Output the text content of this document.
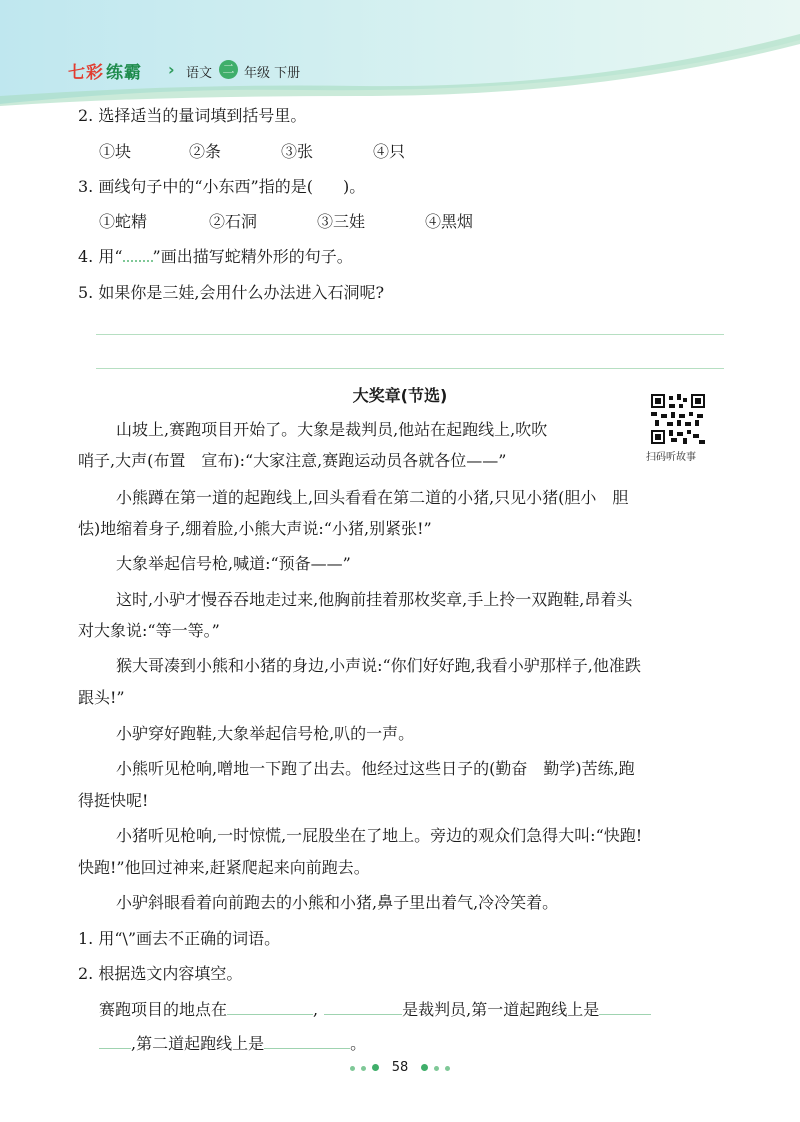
七彩 练霸 › 语文 二 年级 下册
2. 选择适当的量词填到括号里。
①块	②条	③张	④只
3. 画线句子中的“小东西”指的是( )。
①蛇精	②石洞	③三娃	④黑烟
4. 用“ ”画出描写蛇精外形的句子。
5. 如果你是三娃,会用什么办法进入石洞呢?
大奖章(节选)
扫码听故事
山坡上,赛跑项目开始了。大象是裁判员,他站在起跑线上,吹吹
哨子,大声(布置　宣布):“大家注意,赛跑运动员各就各位——”
小熊蹲在第一道的起跑线上,回头看看在第二道的小猪,只见小猪(胆小　胆
怯)地缩着身子,绷着脸,小熊大声说:“小猪,别紧张!”
大象举起信号枪,喊道:“预备——”
这时,小驴才慢吞吞地走过来,他胸前挂着那枚奖章,手上拎一双跑鞋,昂着头
对大象说:“等一等。”
猴大哥凑到小熊和小猪的身边,小声说:“你们好好跑,我看小驴那样子,他准跌
跟头!”
小驴穿好跑鞋,大象举起信号枪,叭的一声。
小熊听见枪响,噌地一下跑了出去。他经过这些日子的(勤奋　勤学)苦练,跑
得挺快呢!
小猪听见枪响,一时惊慌,一屁股坐在了地上。旁边的观众们急得大叫:“快跑!
快跑!”他回过神来,赶紧爬起来向前跑去。
小驴斜眼看着向前跑去的小熊和小猪,鼻子里出着气,冷冷笑着。
1. 用“\”画去不正确的词语。
2. 根据选文内容填空。
赛跑项目的地点在	,	是裁判员,第一道起跑线上是
,第二道起跑线上是	。
58
